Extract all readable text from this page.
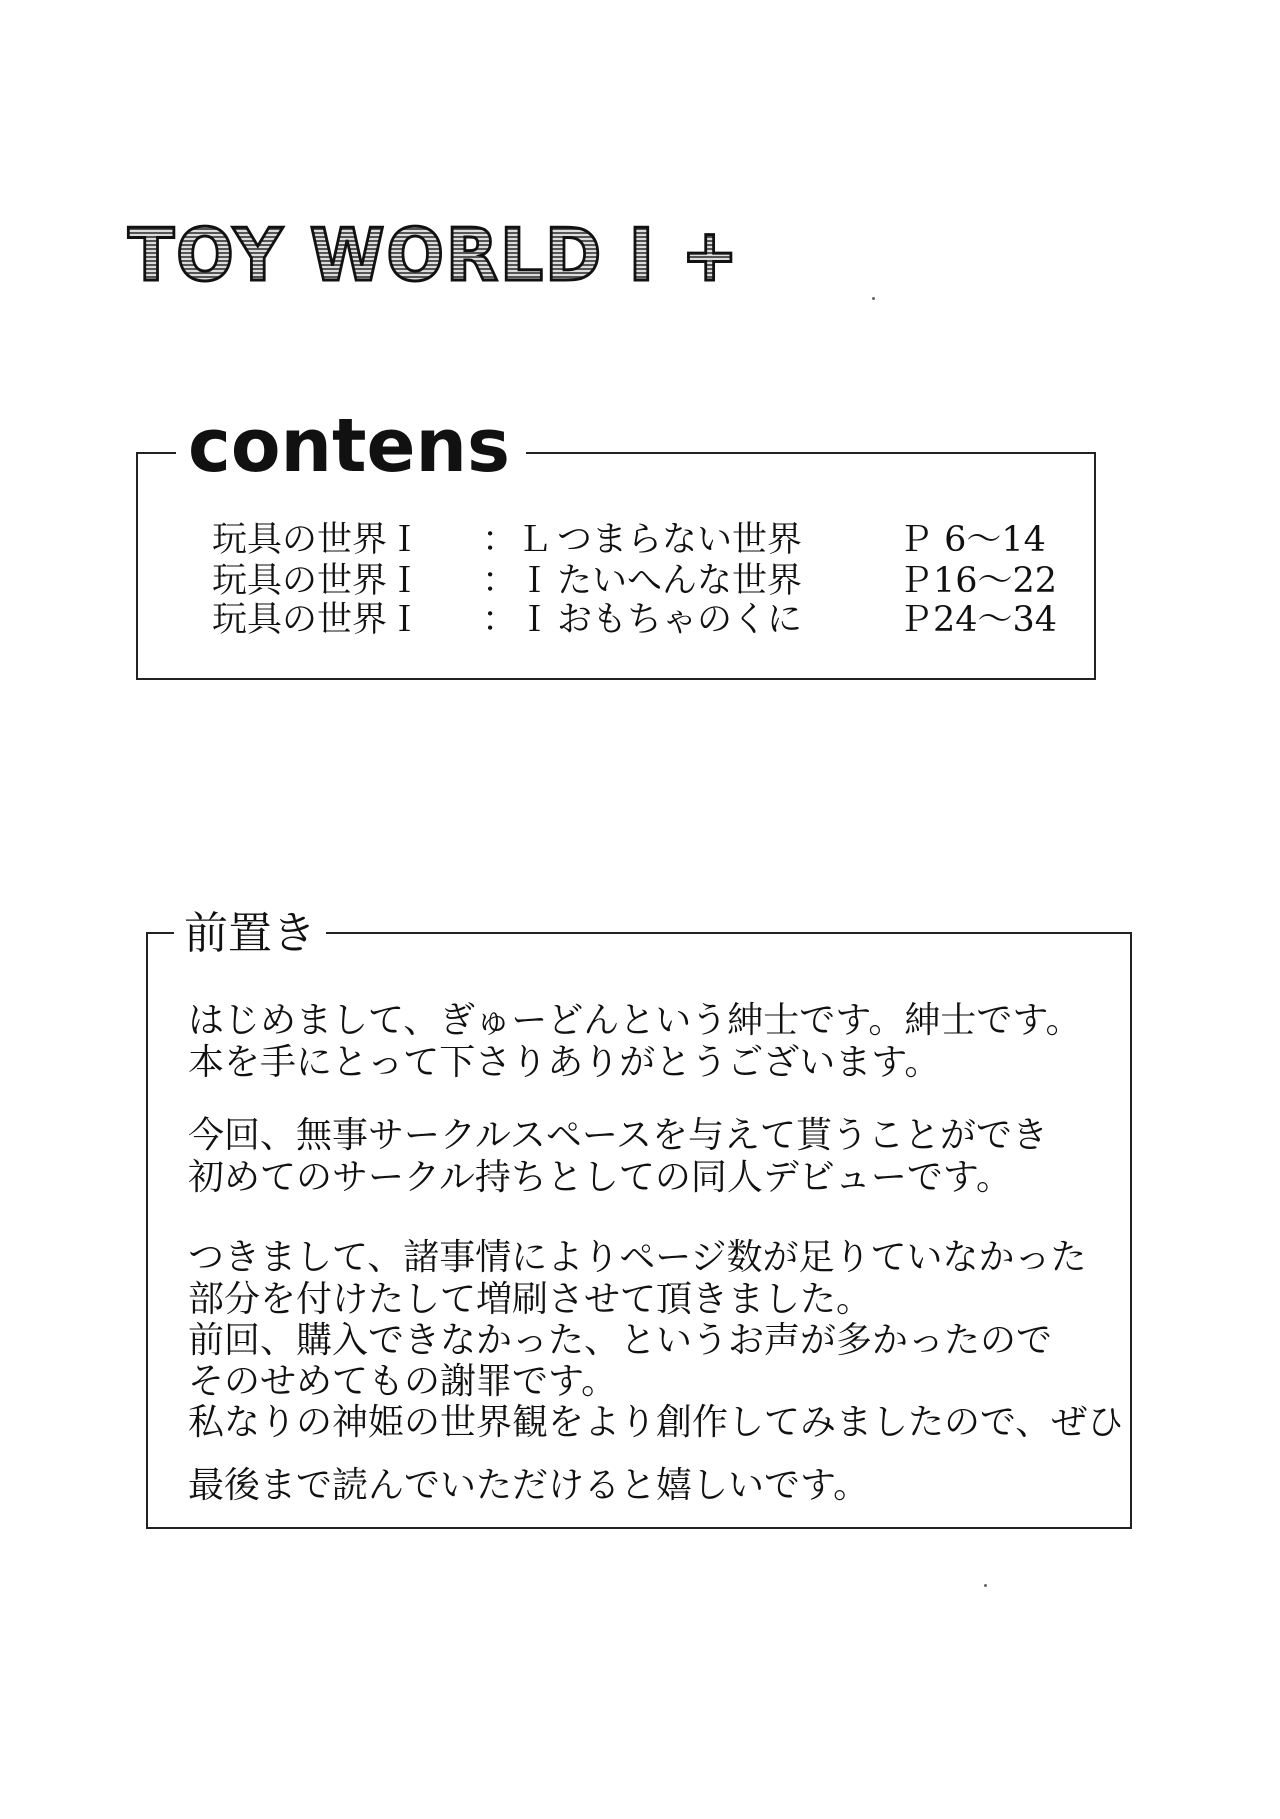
TOY WORLD I +
contens
玩具の世界Ｉ ：Ｌ つまらない世界	Ｐ 6～14
玩具の世界Ｉ ：Ｉ たいへんな世界	Ｐ16～22
玩具の世界Ｉ ：Ｉ おもちゃのくに	Ｐ24～34
前置き
はじめまして、ぎゅーどんという紳士です。紳士です。
本を手にとって下さりありがとうございます。
今回、無事サークルスペースを与えて貰うことができ
初めてのサークル持ちとしての同人デビューです。
つきまして、諸事情によりページ数が足りていなかった
部分を付けたして増刷させて頂きました。
前回、購入できなかった、というお声が多かったので
そのせめてもの謝罪です。
私なりの神姫の世界観をより創作してみましたので、ぜひ
最後まで読んでいただけると嬉しいです。
